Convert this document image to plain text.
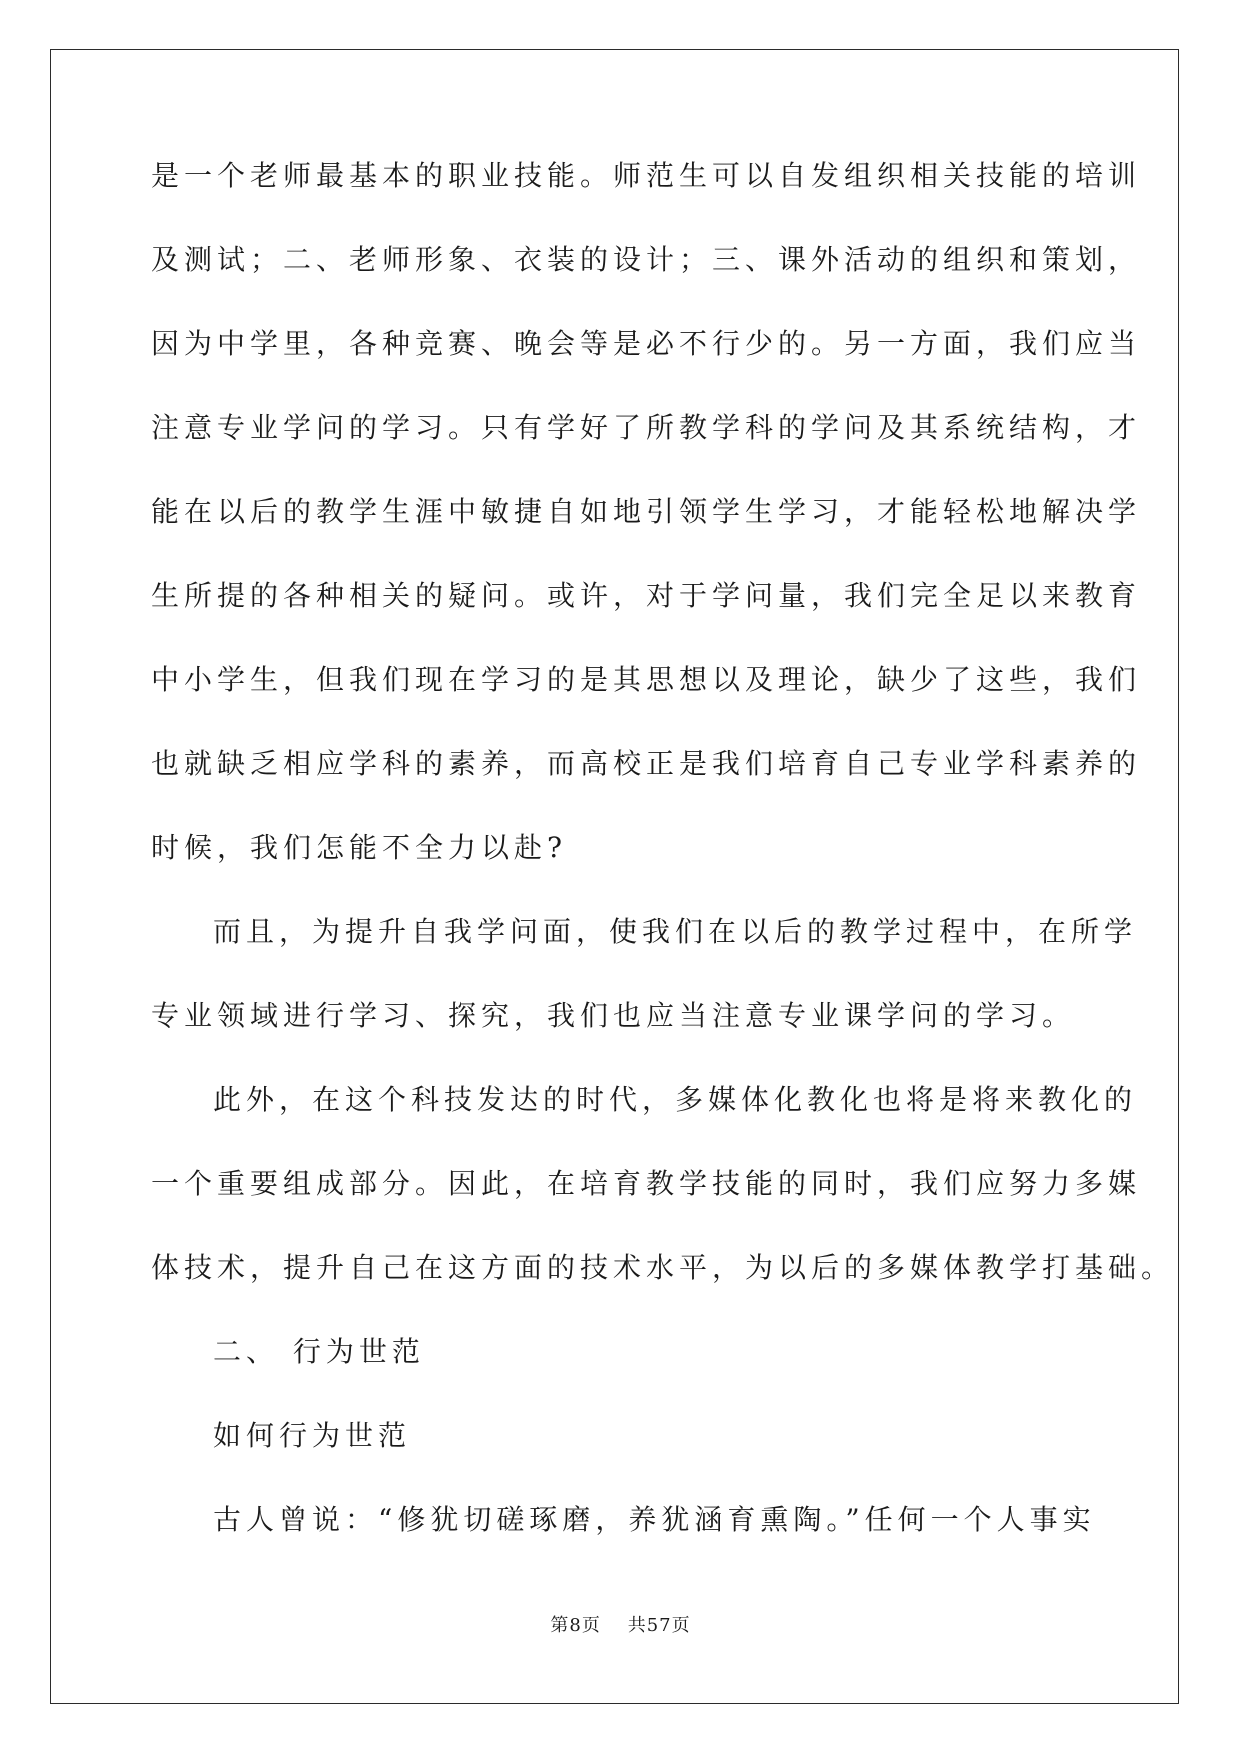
是一个老师最基本的职业技能。师范生可以自发组织相关技能的培训
及测试；二、老师形象、衣装的设计；三、课外活动的组织和策划，
因为中学里，各种竞赛、晚会等是必不行少的。另一方面，我们应当
注意专业学问的学习。只有学好了所教学科的学问及其系统结构，才
能在以后的教学生涯中敏捷自如地引领学生学习，才能轻松地解决学
生所提的各种相关的疑问。或许，对于学问量，我们完全足以来教育
中小学生，但我们现在学习的是其思想以及理论，缺少了这些，我们
也就缺乏相应学科的素养，而高校正是我们培育自己专业学科素养的
时候，我们怎能不全力以赴?
而且，为提升自我学问面，使我们在以后的教学过程中，在所学
专业领域进行学习、探究，我们也应当注意专业课学问的学习。
此外，在这个科技发达的时代，多媒体化教化也将是将来教化的
一个重要组成部分。因此，在培育教学技能的同时，我们应努力多媒
体技术，提升自己在这方面的技术水平，为以后的多媒体教学打基础。
二、 行为世范
如何行为世范
古人曾说：“修犹切磋琢磨，养犹涵育熏陶。”任何一个人事实
第8页 共57页
